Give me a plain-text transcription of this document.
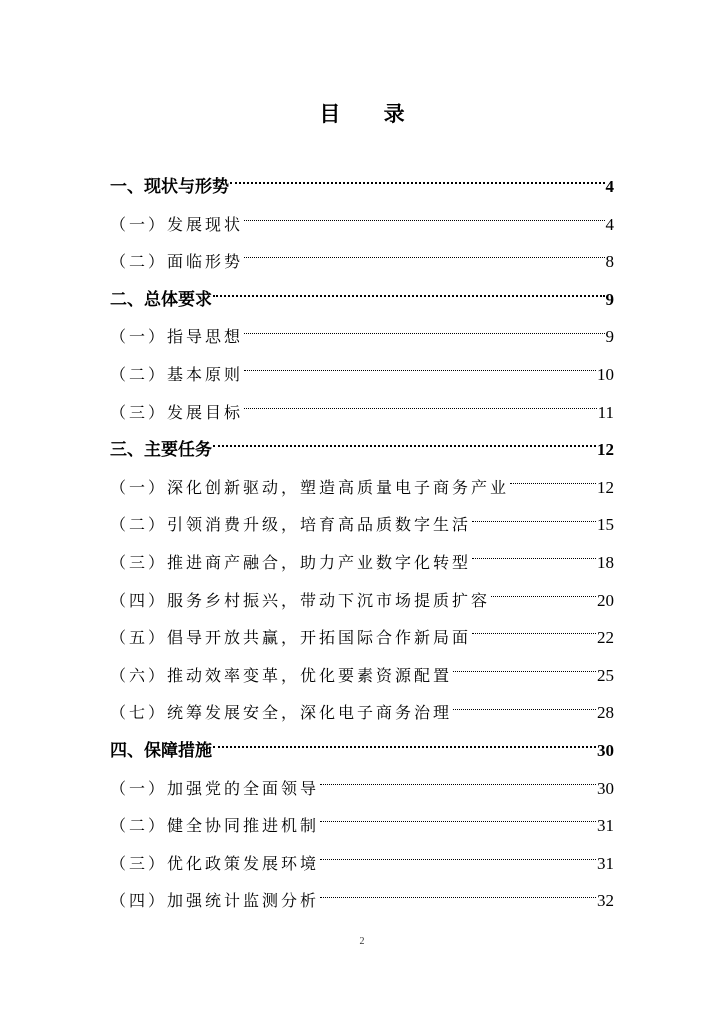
目 录
一、现状与形势	4
（一）发展现状	4
（二）面临形势	8
二、总体要求	9
（一）指导思想	9
（二）基本原则	10
（三）发展目标	11
三、主要任务	12
（一）深化创新驱动，塑造高质量电子商务产业	12
（二）引领消费升级，培育高品质数字生活	15
（三）推进商产融合，助力产业数字化转型	18
（四）服务乡村振兴，带动下沉市场提质扩容	20
（五）倡导开放共赢，开拓国际合作新局面	22
（六）推动效率变革，优化要素资源配置	25
（七）统筹发展安全，深化电子商务治理	28
四、保障措施	30
（一）加强党的全面领导	30
（二）健全协同推进机制	31
（三）优化政策发展环境	31
（四）加强统计监测分析	32
2
